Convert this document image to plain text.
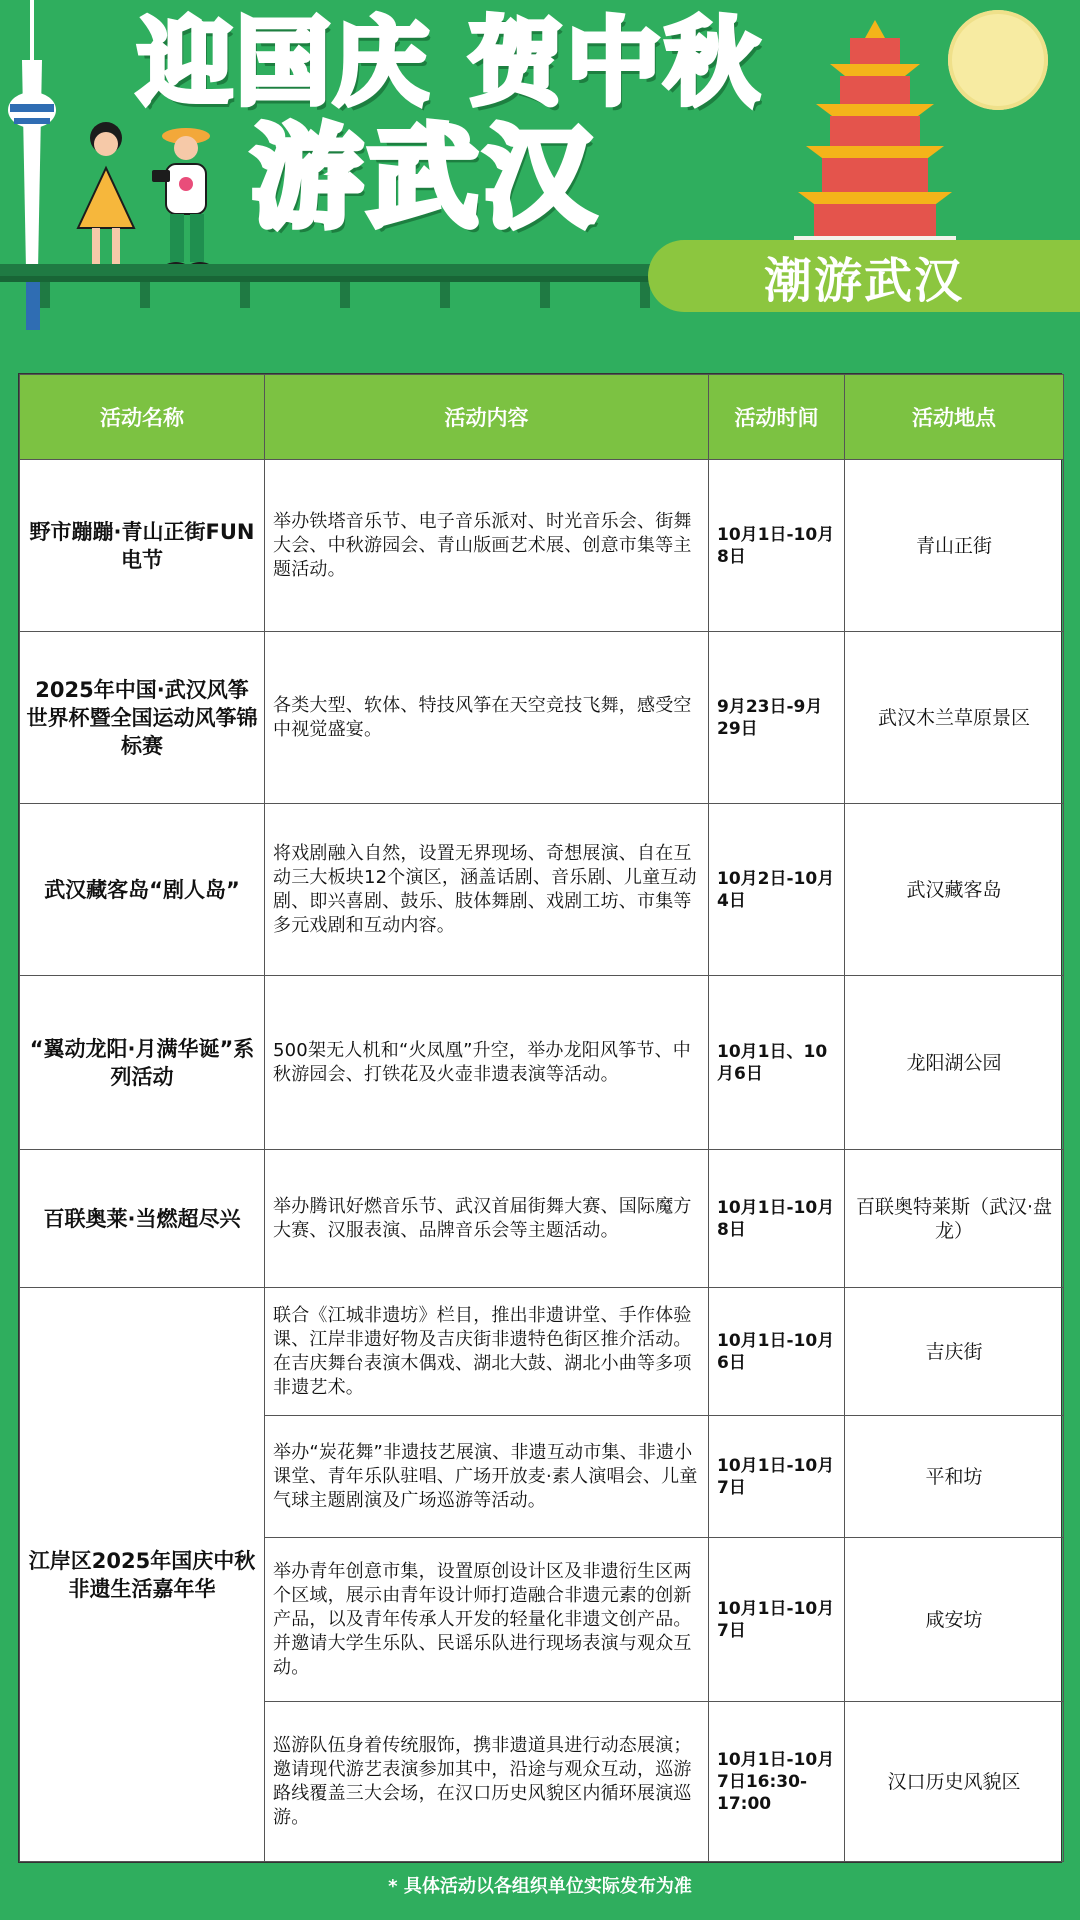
迎国庆 贺中秋
游武汉
潮游武汉
活动名称	活动内容	活动时间	活动地点
野市蹦蹦·青山正街FUN电节	举办铁塔音乐节、电子音乐派对、时光音乐会、街舞大会、中秋游园会、青山版画艺术展、创意市集等主题活动。	10月1日-10月8日	青山正街
2025年中国·武汉风筝世界杯暨全国运动风筝锦标赛	各类大型、软体、特技风筝在天空竞技飞舞，感受空中视觉盛宴。	9月23日-9月29日	武汉木兰草原景区
武汉藏客岛“剧人岛”	将戏剧融入自然，设置无界现场、奇想展演、自在互动三大板块12个演区，涵盖话剧、音乐剧、儿童互动剧、即兴喜剧、鼓乐、肢体舞剧、戏剧工坊、市集等多元戏剧和互动内容。	10月2日-10月4日	武汉藏客岛
“翼动龙阳·月满华诞”系列活动	500架无人机和“火凤凰”升空，举办龙阳风筝节、中秋游园会、打铁花及火壶非遗表演等活动。	10月1日、10月6日	龙阳湖公园
百联奥莱·当燃超尽兴	举办腾讯好燃音乐节、武汉首届街舞大赛、国际魔方大赛、汉服表演、品牌音乐会等主题活动。	10月1日-10月8日	百联奥特莱斯（武汉·盘龙）
江岸区2025年国庆中秋非遗生活嘉年华	联合《江城非遗坊》栏目，推出非遗讲堂、手作体验课、江岸非遗好物及吉庆街非遗特色街区推介活动。在吉庆舞台表演木偶戏、湖北大鼓、湖北小曲等多项非遗艺术。	10月1日-10月6日	吉庆街
	举办“炭花舞”非遗技艺展演、非遗互动市集、非遗小课堂、青年乐队驻唱、广场开放麦·素人演唱会、儿童气球主题剧演及广场巡游等活动。	10月1日-10月7日	平和坊
	举办青年创意市集，设置原创设计区及非遗衍生区两个区域，展示由青年设计师打造融合非遗元素的创新产品，以及青年传承人开发的轻量化非遗文创产品。并邀请大学生乐队、民谣乐队进行现场表演与观众互动。	10月1日-10月7日	咸安坊
	巡游队伍身着传统服饰，携非遗道具进行动态展演；邀请现代游艺表演参加其中，沿途与观众互动，巡游路线覆盖三大会场，在汉口历史风貌区内循环展演巡游。	10月1日-10月7日16:30-17:00	汉口历史风貌区
* 具体活动以各组织单位实际发布为准
